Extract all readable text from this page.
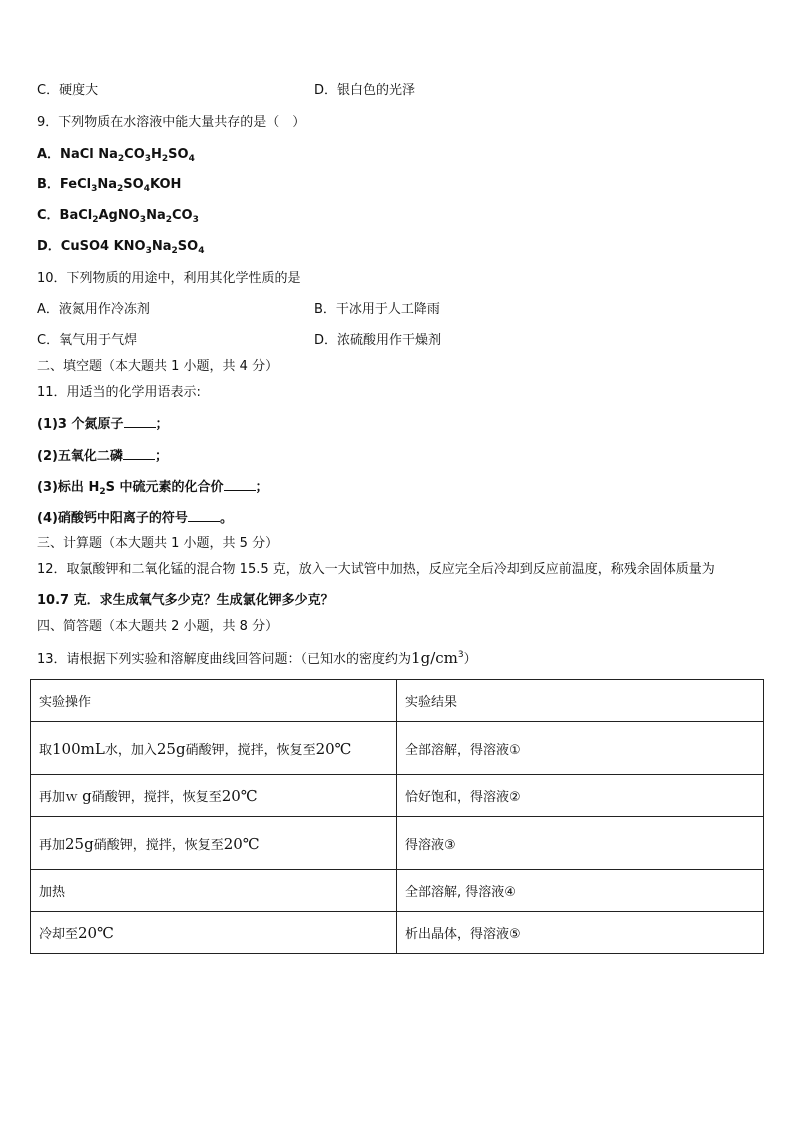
C．硬度大	D．银白色的光泽
9．下列物质在水溶液中能大量共存的是（　）
A．NaCl $Na_2CO_3H_2SO_4$
B．$FeCl_3Na_2SO_4KOH$
C．$BaCl_2AgNO_3Na_2CO_3$
D．CuSO4 $KNO_3Na_2SO_4$
10．下列物质的用途中，利用其化学性质的是
A．液氮用作冷冻剂	B．干冰用于人工降雨
C．氧气用于气焊	D．浓硫酸用作干燥剂
二、填空题（本大题共 1 小题，共 4 分）
11．用适当的化学用语表示:
(1)3 个氮原子 ；
(2)五氧化二磷 ；
(3)标出 $H_2S$ 中硫元素的化合价 ；
(4)硝酸钙中阳离子的符号 。
三、计算题（本大题共 1 小题，共 5 分）
12．取氯酸钾和二氧化锰的混合物 15.5 克，放入一大试管中加热，反应完全后冷却到反应前温度，称残余固体质量为
10.7 克．求生成氧气多少克？生成氯化钾多少克？
四、简答题（本大题共 2 小题，共 8 分）
13．请根据下列实验和溶解度曲线回答问题：（已知水的密度约为$1g/cm^3$）
实验操作	实验结果
取100mL水，加入25g硝酸钾，搅拌，恢复至20℃	全部溶解，得溶液①
再加ｗ g硝酸钾，搅拌，恢复至20℃	恰好饱和，得溶液②
再加25g硝酸钾，搅拌，恢复至20℃	得溶液③
加热	全部溶解, 得溶液④
冷却至20℃	析出晶体，得溶液⑤
